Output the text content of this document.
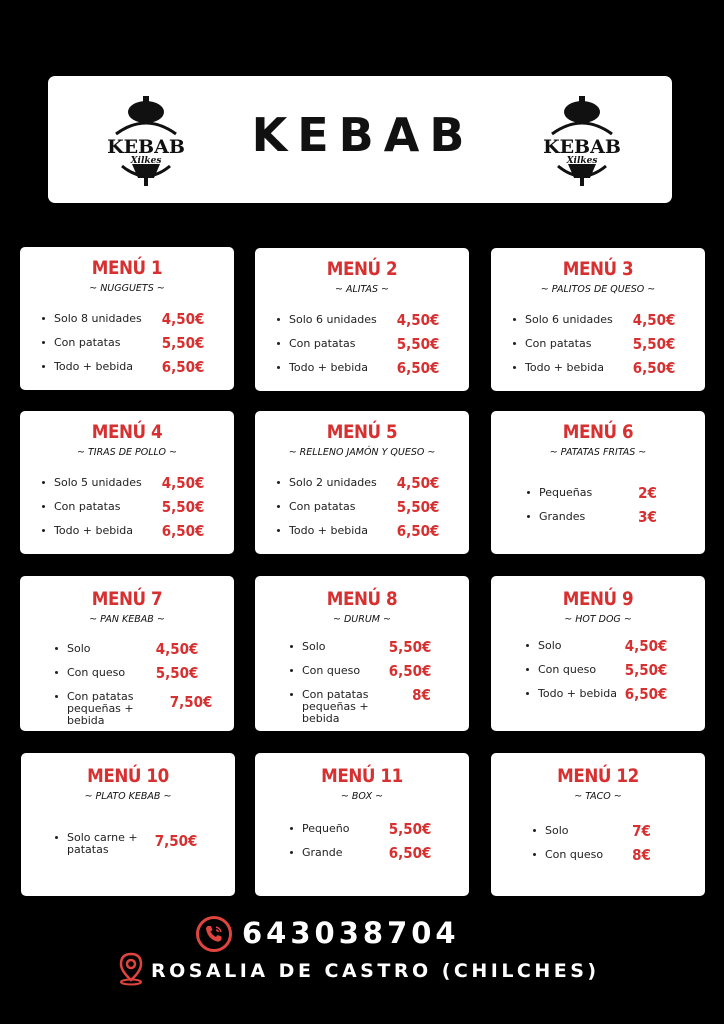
KEBAB
Xilkes	KEBAB	KEBAB
Xilkes
MENÚ 1
~ NUGGUETS ~
Solo 8 unidades 4,50€
Con patatas	5,50€
Todo + bebida 6,50€
MENÚ 2
~ ALITAS ~
Solo 6 unidades 4,50€
Con patatas	5,50€
Todo + bebida 6,50€
MENÚ 3
~ PALITOS DE QUESO ~
Solo 6 unidades 4,50€
Con patatas	5,50€
Todo + bebida 6,50€
MENÚ 4
~ TIRAS DE POLLO ~
Solo 5 unidades 4,50€
Con patatas	5,50€
Todo + bebida 6,50€
MENÚ 5
~ RELLENO JAMÓN Y QUESO ~
Solo 2 unidades 4,50€
Con patatas	5,50€
Todo + bebida 6,50€
MENÚ 6
~ PATATAS FRITAS ~
Pequeñas	2€
Grandes	3€
MENÚ 7
~ PAN KEBAB ~
Solo	4,50€
Con queso 5,50€
Con patatas pequeñas + bebida
7,50€
MENÚ 8
~ DURUM ~
Solo	5,50€
Con queso 6,50€
Con patatas pequeñas + bebida
8€
MENÚ 9
~ HOT DOG ~
Solo	4,50€
Con queso 5,50€
Todo + bebida 6,50€
MENÚ 10
~ PLATO KEBAB ~
Solo carne + patatas	7,50€
MENÚ 11
~ BOX ~
Pequeño	5,50€
Grande	6,50€
MENÚ 12
~ TACO ~
Solo	7€
Con queso 8€
643038704
ROSALIA DE CASTRO (CHILCHES)
